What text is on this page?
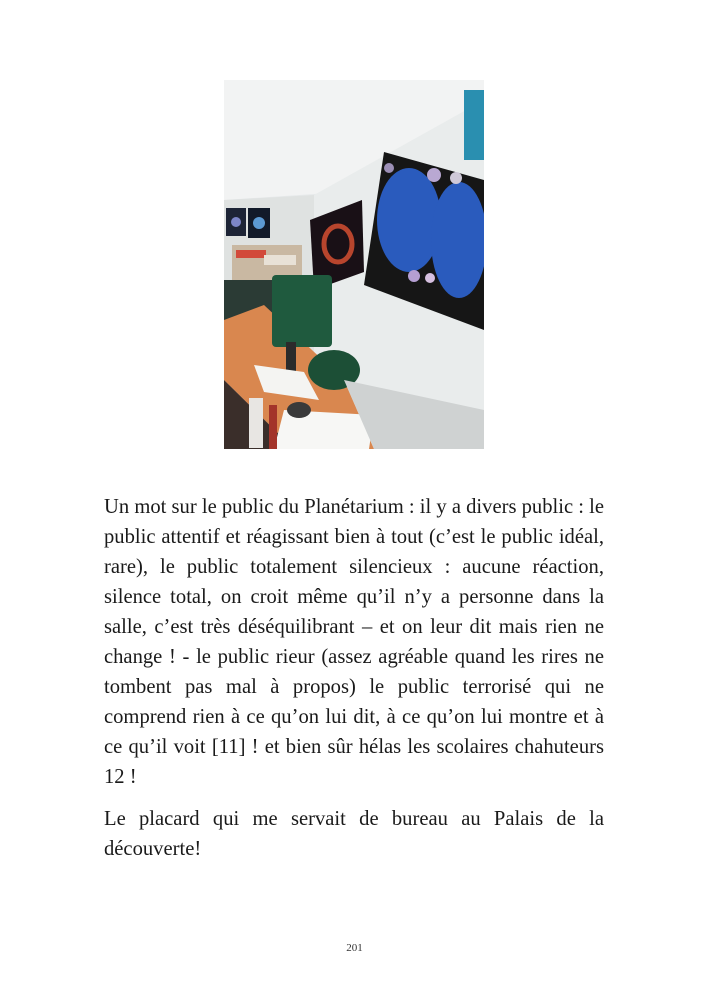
Un mot sur le public du Planétarium : il y a divers public : le public attentif et réagissant bien à tout (c’est le public idéal, rare), le public totalement silencieux : aucune réaction, silence total, on croit même qu’il n’y a personne dans la salle, c’est très déséquilibrant – et on leur dit mais rien ne change ! - le public rieur (assez agréable quand les rires ne tombent pas mal à propos) le public terrorisé qui ne comprend rien à ce qu’on lui dit, à ce qu’on lui montre et à ce qu’il voit [11] ! et bien sûr hélas les scolaires chahuteurs 12 !

Le placard qui me servait de bureau au Palais de la découverte!

201
